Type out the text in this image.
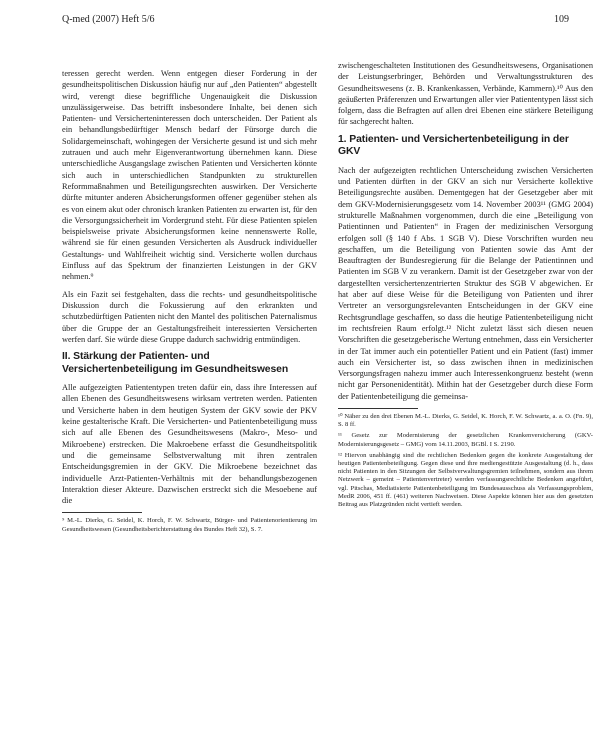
Q-med (2007) Heft 5/6	109

teressen gerecht werden. Wenn entgegen dieser Forderung in der gesundheitspolitischen Diskussion häufig nur auf „den Patienten“ abgestellt wird, verengt diese begriffliche Ungenauigkeit die Diskussion unzulässigerweise. Das betrifft insbesondere Inhalte, bei denen sich Patienten- und Versicherteninteressen doch unterscheiden. Der Patient als ein behandlungsbedürftiger Mensch bedarf der Fürsorge durch die Solidargemeinschaft, wohingegen der Versicherte gesund ist und sich mehr zutrauen und auch mehr Eigenverantwortung übernehmen kann. Diese unterschiedliche Ausgangslage zwischen Patienten und Versicherten könnte sich auch in unterschiedlichen Standpunkten zu strukturellen Reformmaßnahmen und Beteiligungsrechten auswirken. Der Versicherte dürfte mitunter anderen Absicherungsformen offener gegenüber stehen als es von einem akut oder chronisch kranken Patienten zu erwarten ist, für den die Versorgungssicherheit im Vordergrund steht. Für diese Patienten spielen beispielsweise private Absicherungsformen keine nennenswerte Rolle, während sie für einen gesunden Versicherten als Ausdruck individueller Gestaltungs- und Wahlfreiheit wichtig sind. Versicherte wollen durchaus Einfluss auf das Spektrum der finanzierten Leistungen in der GKV nehmen.⁹

Als ein Fazit sei festgehalten, dass die rechts- und gesundheitspolitische Diskussion durch die Fokussierung auf den erkrankten und schutzbedürftigen Patienten nicht den Mantel des politischen Paternalismus über die Gruppe der an Gestaltungsfreiheit interessierten Versicherten werfen darf. Sie würde diese Gruppe dadurch sachwidrig entmündigen.

II. Stärkung der Patienten- und Versichertenbeteiligung im Gesundheitswesen

Alle aufgezeigten Patiententypen treten dafür ein, dass ihre Interessen auf allen Ebenen des Gesundheitswesens wirksam vertreten werden. Patienten und Versicherte haben in dem heutigen System der GKV sowie der PKV keine gestalterische Kraft. Die Versicherten- und Patientenbeteiligung muss sich auf alle Ebenen des Gesundheitswesens (Makro-, Meso- und Mikroebene) erstrecken. Die Makroebene erfasst die Gesundheitspolitik und die gemeinsame Selbstverwaltung mit ihren zentralen Entscheidungsgremien in der GKV. Die Mikroebene bezeichnet das individuelle Arzt-Patienten-Verhältnis mit der behandlungsbezogenen Interaktion dieser Akteure. Dazwischen erstreckt sich die Mesoebene auf die

⁹ M.-L. Dierks, G. Seidel, K. Horch, F. W. Schwartz, Bürger- und Patientenorientierung im Gesundheitswesen (Gesundheitsberichterstattung des Bundes Heft 32), S. 7.

zwischengeschalteten Institutionen des Gesundheitswesens, Organisationen der Leistungserbringer, Behörden und Verwaltungsstrukturen des Gesundheitswesens (z. B. Krankenkassen, Verbände, Kammern).¹⁰ Aus den geäußerten Präferenzen und Erwartungen aller vier Patiententypen lässt sich folgern, dass die Befragten auf allen drei Ebenen eine stärkere Beteiligung für sachgerecht halten.

1. Patienten- und Versichertenbeteiligung in der GKV

Nach der aufgezeigten rechtlichen Unterscheidung zwischen Versicherten und Patienten dürften in der GKV an sich nur Versicherte kollektive Beteiligungsrechte ausüben. Dementgegen hat der Gesetzgeber aber mit dem GKV-Modernisierungsgesetz vom 14. November 2003¹¹ (GMG 2004) strukturelle Maßnahmen vorgenommen, durch die eine „Beteiligung von Patientinnen und Patienten“ in Fragen der medizinischen Versorgung erfolgen soll (§ 140 f Abs. 1 SGB V). Diese Vorschriften wurden neu geschaffen, um die Beteiligung von Patienten sowie das Amt der Beauftragten der Bundesregierung für die Belange der Patientinnen und Patienten im SGB V zu verankern. Damit ist der Gesetzgeber zwar von der dargestellten versichertenzentrierten Struktur des SGB V abgewichen. Er hat aber auf diese Weise für die Beteiligung von Patienten und ihrer Vertreter an versorgungsrelevanten Entscheidungen in der GKV eine Rechtsgrundlage geschaffen, so dass die heutige Patientenbeteiligung nicht im rechtsfreien Raum erfolgt.¹² Nicht zuletzt lässt sich diesen neuen Vorschriften die gesetzgeberische Wertung entnehmen, dass ein Versicherter in der Tat immer auch ein potentieller Patient und ein Patient (fast) immer auch ein Versicherter ist, so dass zwischen ihnen in medizinischen Versorgungsfragen nahezu immer auch Interessenkongruenz besteht (wenn nicht gar Personenidentität). Mithin hat der Gesetzgeber durch diese Form der Patientenbeteiligung die gemeinsa-

¹⁰ Näher zu den drei Ebenen M.-L. Dierks, G. Seidel, K. Horch, F. W. Schwartz, a. a. O. (Fn. 9), S. 8 ff.

¹¹ Gesetz zur Modernisierung der gesetzlichen Krankenversicherung (GKV-Modernisierungsgesetz – GMG) vom 14.11.2003, BGBl. I S. 2190.

¹² Hiervon unabhängig sind die rechtlichen Bedenken gegen die konkrete Ausgestaltung der heutigen Patientenbeteiligung. Gegen diese und ihre mediengestützte Ausgestaltung (d. h., dass nicht Patienten in den Sitzungen der Selbstverwaltungsgremien teilnehmen, sondern aus ihrem Netzwerk – gemeint – Patientenvertreter) werden verfassungsrechtliche Bedenken angeführt, vgl. Pitschas, Mediatisierte Patientenbeteiligung im Bundesausschuss als Verfassungsproblem, MedR 2006, 451 ff. (461) weiteren Nachweisen. Diese Aspekte können hier aus den gesetzten Beitrag aus Platzgründen nicht vertieft werden.
